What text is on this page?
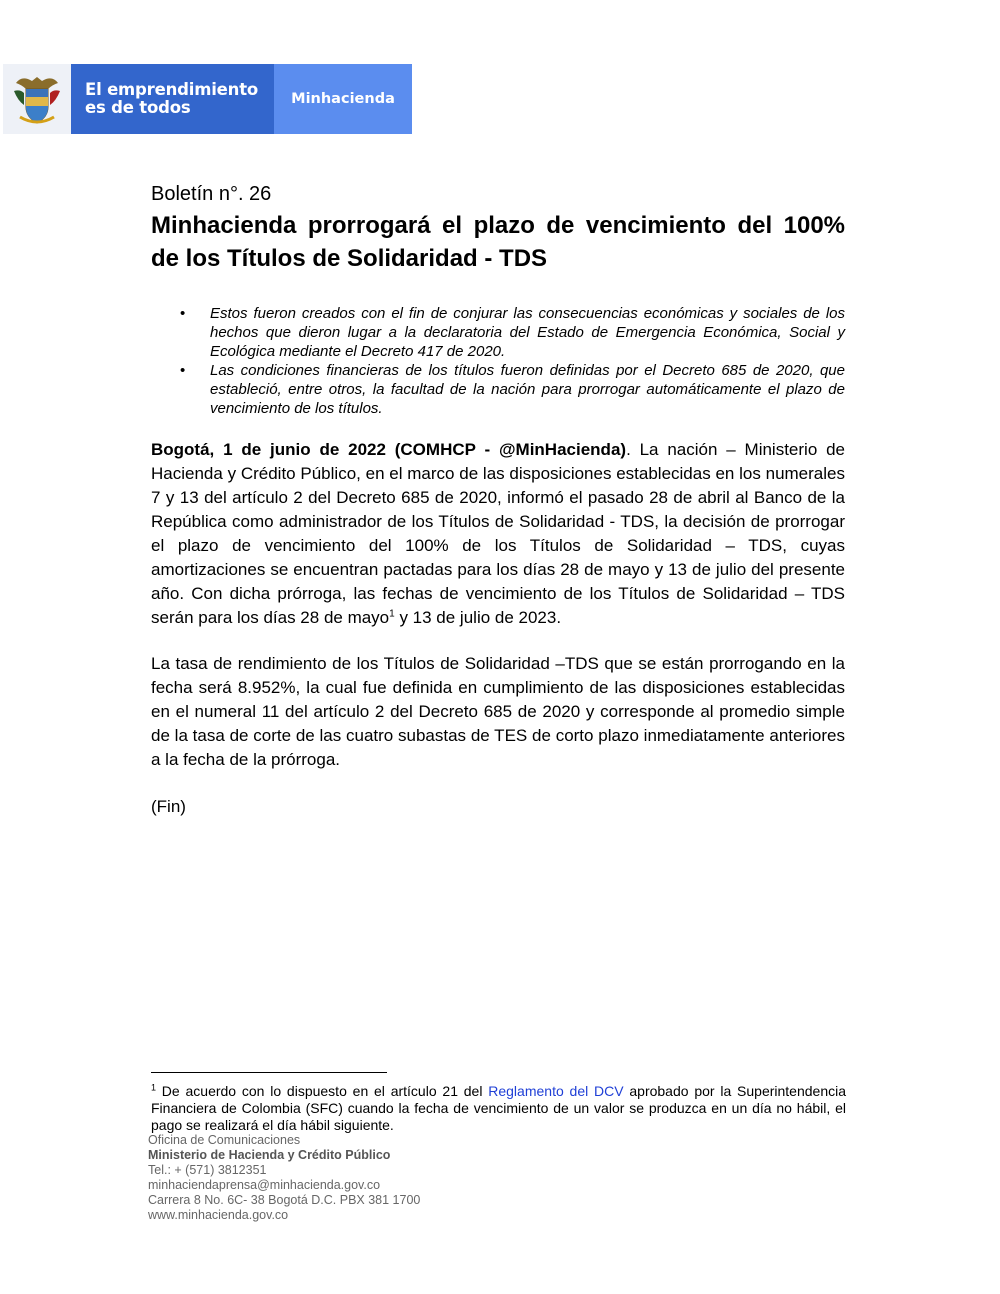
El emprendimiento
es de todos	Minhacienda
Boletín n°. 26
Minhacienda prorrogará el plazo de vencimiento del 100% de los Títulos de Solidaridad - TDS
• Estos fueron creados con el fin de conjurar las consecuencias económicas y sociales de los hechos que dieron lugar a la declaratoria del Estado de Emergencia Económica, Social y Ecológica mediante el Decreto 417 de 2020.
• Las condiciones financieras de los títulos fueron definidas por el Decreto 685 de 2020, que estableció, entre otros, la facultad de la nación para prorrogar automáticamente el plazo de vencimiento de los títulos.

Bogotá, 1 de junio de 2022 (COMHCP - @MinHacienda). La nación – Ministerio de Hacienda y Crédito Público, en el marco de las disposiciones establecidas en los numerales 7 y 13 del artículo 2 del Decreto 685 de 2020, informó el pasado 28 de abril al Banco de la República como administrador de los Títulos de Solidaridad - TDS, la decisión de prorrogar el plazo de vencimiento del 100% de los Títulos de Solidaridad – TDS, cuyas amortizaciones se encuentran pactadas para los días 28 de mayo y 13 de julio del presente año. Con dicha prórroga, las fechas de vencimiento de los Títulos de Solidaridad – TDS serán para los días 28 de mayo$^1$ y 13 de julio de 2023.

La tasa de rendimiento de los Títulos de Solidaridad –TDS que se están prorrogando en la fecha será 8.952%, la cual fue definida en cumplimiento de las disposiciones establecidas en el numeral 11 del artículo 2 del Decreto 685 de 2020 y corresponde al promedio simple de la tasa de corte de las cuatro subastas de TES de corto plazo inmediatamente anteriores a la fecha de la prórroga.

(Fin)

$^1$ De acuerdo con lo dispuesto en el artículo 21 del Reglamento del DCV aprobado por la Superintendencia Financiera de Colombia (SFC) cuando la fecha de vencimiento de un valor se produzca en un día no hábil, el pago se realizará el día hábil siguiente.

Oficina de Comunicaciones
Ministerio de Hacienda y Crédito Público
Tel.: + (571) 3812351
minhaciendaprensa@minhacienda.gov.co
Carrera 8 No. 6C- 38 Bogotá D.C. PBX 381 1700
www.minhacienda.gov.co
